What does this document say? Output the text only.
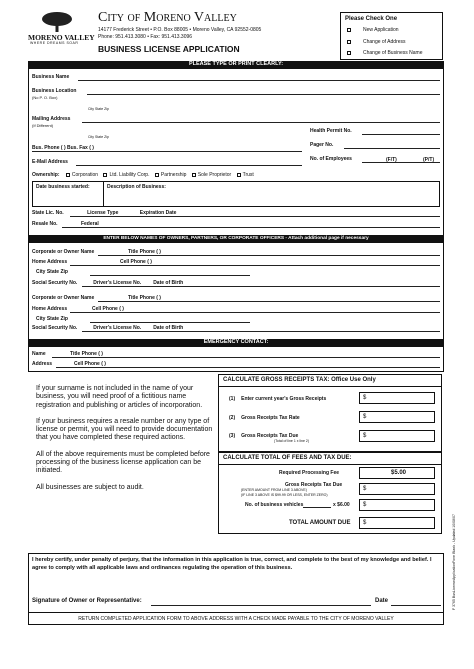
MORENO VALLEY
WHERE DREAMS SOAR
City of Moreno Valley
14177 Frederick Street • P.O. Box 88005 • Moreno Valley, CA 92552-0805
Phone: 951.413.3080 • Fax: 951.413.3096
BUSINESS LICENSE APPLICATION
Please Check One
New Application
Change of Address
Change of Business Name
PLEASE TYPE OR PRINT CLEARLY:
Business Name
Business Location
(No P. O. Box)
City State Zip
Mailing Address
(If Different)
City State Zip
Health Permit No.
Pager No.
Bus. Phone ( ) Bus. Fax ( )
No. of Employees	(F/T)	(P/T)
E-Mail Address
Ownership: Corporation Ltd. Liability Corp. Partnership Sole Proprietor Trust
Date business started:	Description of Business:
State Lic. No.	License Type	Expiration Date
Resale No.	Federal
ENTER BELOW NAMES OF OWNERS, PARTNERS, OR CORPORATE OFFICERS - Attach additional page if necessary
Corporate or Owner Name	Title Phone ( )
Home Address	Cell Phone ( )
City State Zip
Social Security No.	Driver's License No. Date of Birth
Corporate or Owner Name	Title Phone ( )
Home Address	Cell Phone ( )
City State Zip
Social Security No.	Driver's License No. Date of Birth
EMERGENCY CONTACT:
Name	Title Phone ( )
Address	Cell Phone ( )

If your surname is not included in the name of your business, you will need proof of a fictitious name registration and publishing or articles of incorporation.

If your business requires a resale number or any type of license or permit, you will need to provide documentation that you have completed these required actions.

All of the above requirements must be completed before processing of the business license application can be initiated.

All businesses are subject to audit.

CALCULATE GROSS RECEIPTS TAX: Office Use Only
(1) Enter current year's Gross Receipts	$
(2) Gross Receipts Tax Rate	$
(3) Gross Receipts Tax Due
(Total of line 1 x line 2)
$
CALCULATE TOTAL OF FEES AND TAX DUE:
Required Processing Fee	$5.00
Gross Receipts Tax Due
(ENTER AMOUNT FROM LINE 3 ABOVE)
(IF LINE 3 ABOVE IS $99.99 OR LESS, ENTER ZERO)
$
No. of business vehicles	x $6.00	$
TOTAL AMOUNT DUE	$
I hereby certify, under penalty of perjury, that the information in this application is true, correct, and complete to the best of my knowledge and belief. I agree to comply with all applicable laws and ordinances regulating the operation of this business.
Signature of Owner or Representative:	Date
RETURN COMPLETED APPLICATION FORM TO ABOVE ADDRESS WITH A CHECK MADE PAYABLE TO THE CITY OF MORENO VALLEY
F 3765 BusLicenseApplicationForm Blank - Updated 10/08/07
